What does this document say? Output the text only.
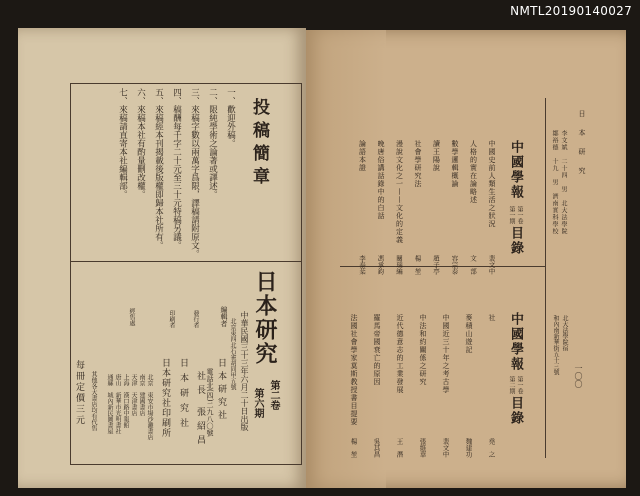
投稿簡章
一、歡迎外稿。
二、限純學術之論著或譯述。
三、來稿字數以兩萬字爲限，譯稿請附原文。
四、稿酬每千字二十元至三十元特稿另議。
五、來稿經本刊揭載後版權即歸本社所有。
六、來稿本社有酌量刪改權。
七、來稿請直寄本社編輯部。
日本研究
第二卷
第六期
中華民國三十三年六月二十日出版
北京東四北石雀胡同甲五號
編輯者
日本研究社
電話北(四)二九八〇號
社長 張紹昌
發行者
日本研究社
印刷者
日本研究社印刷所
經售處
北京　東安市場沙灘書店
南京　建國書店
天津　天津書店
上海　漢口路中報館
唐山　新華市光明書社
通縣　城內新民圖書屋
其他各大書店均有代售
每冊定價三元
日本研究
一〇〇
李文斌　二十四　男　北大法學院
鄒裕德　十九　男　濟南實科學校
北大法學院宿
和內南新華街五十三號
中國學報
第一卷
第一期
目錄
中國學報
第一卷
第二期
目錄
中國史前人類生活之狀況
裴文中
人格的實在論略述
文　部
數學邏輯概論
容宗泰
讀王陽說
趙子亭
社會學研究法
楊　堃
漫說文化之一——文化的定義
關瑞編
晚唐俗講話錄中的白話
馮承鈞
論語本證
李泰棻
社
堯　之
麥積山遊記
魏建功
中國近三十年之考古學
裴文中
中法和約關係之研究
張維華
近代德意志的工業發展
王　潛
羅馬帝國衰亡的原因
吳其昌
法國社會學家莫斯教授書目提要
楊　堃
NMTL20190140027
